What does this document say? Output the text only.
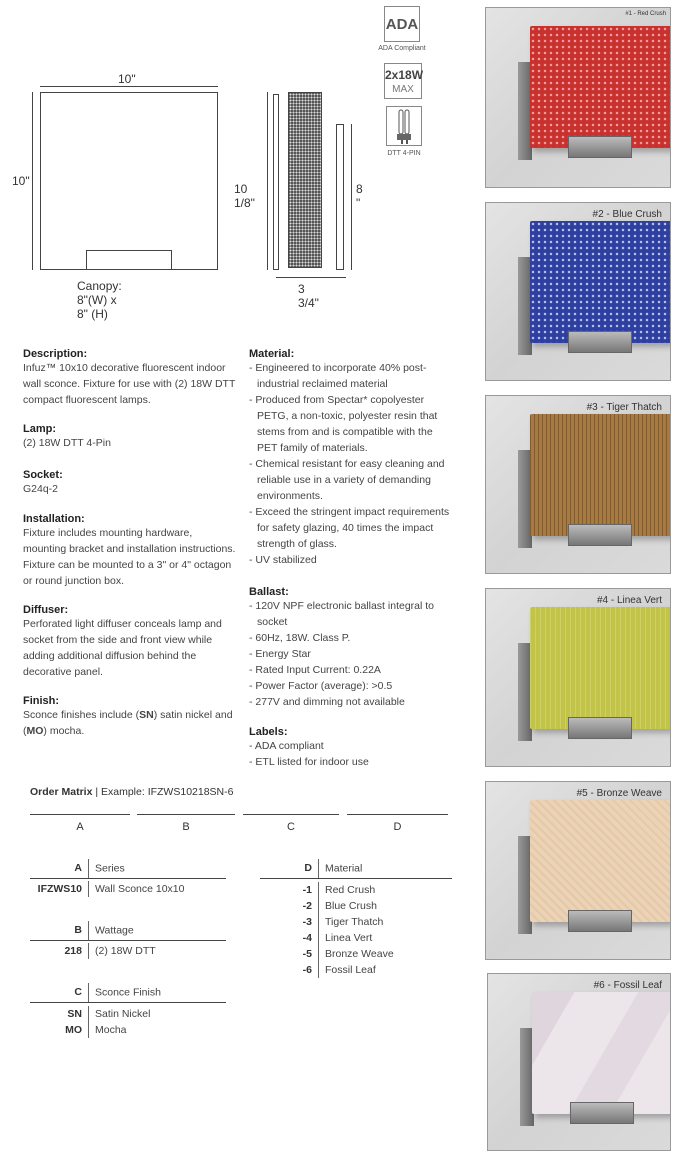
10"
10"
Canopy: 8"(W) x 8" (H)
10 1/8"
8 "
3 3/4"
ADA
ADA Compliant
2x18W
MAX
DTT 4-PIN
#1 - Red Crush
#2 - Blue Crush
#3 - Tiger Thatch
#4 - Linea Vert
#5 - Bronze Weave
#6 - Fossil Leaf
Description:
Infuz™ 10x10 decorative fluorescent indoor wall sconce. Fixture for use with (2) 18W DTT compact fluorescent lamps.
Lamp:
(2) 18W DTT 4-Pin
Socket:
G24q-2
Installation:
Fixture includes mounting hardware, mounting bracket and installation instructions. Fixture can be mounted to a 3" or 4" octagon or round junction box.
Diffuser:
Perforated light diffuser conceals lamp and socket from the side and front view while adding additional diffusion behind the decorative panel.
Finish:
Sconce finishes include (SN) satin nickel and (MO) mocha.
Material:
- Engineered to incorporate 40% post-industrial reclaimed material
- Produced from Spectar* copolyester PETG, a non-toxic, polyester resin that stems from and is compatible with the PET family of materials.
- Chemical resistant for easy cleaning and reliable use in a variety of demanding environments.
- Exceed the stringent impact requirements for safety glazing, 40 times the impact strength of glass.
- UV stabilized
Ballast:
- 120V NPF electronic ballast integral to socket
- 60Hz, 18W. Class P.
- Energy Star
- Rated Input Current: 0.22A
- Power Factor (average): >0.5
- 277V and dimming not available
Labels:
- ADA compliant
- ETL listed for indoor use
Order Matrix | Example: IFZWS10218SN-6
A	B	C	D
A Series
IFZWS10 Wall Sconce 10x10
B Wattage
218 (2) 18W DTT
C Sconce Finish
SN Satin Nickel
MO Mocha
D Material
-1 Red Crush
-2 Blue Crush
-3 Tiger Thatch
-4 Linea Vert
-5 Bronze Weave
-6 Fossil Leaf
